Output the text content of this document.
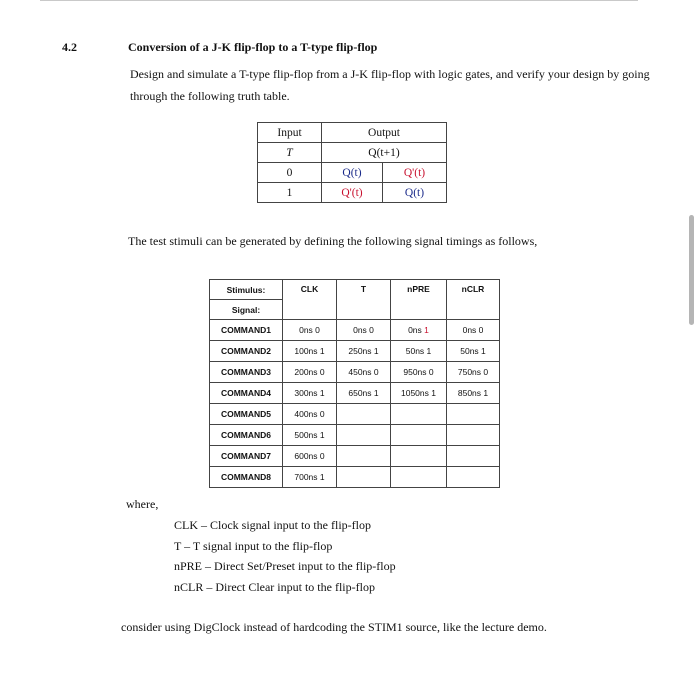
4.2	Conversion of a J-K flip-flop to a T-type flip-flop

Design and simulate a T-type flip-flop from a J-K flip-flop with logic gates, and verify your design by going through the following truth table.

Input	Output	
T	Q(t+1)	
0	Q(t)	Q'(t)
1	Q'(t)	Q(t)
The test stimuli can be generated by defining the following signal timings as follows,
Stimulus:	CLK	T	nPRE	nCLR
Signal:				
COMMAND1	0ns 0	0ns 0	0ns 1	0ns 0
COMMAND2	100ns 1	250ns 1	50ns 1	50ns 1
COMMAND3	200ns 0	450ns 0	950ns 0	750ns 0
COMMAND4	300ns 1	650ns 1	1050ns 1	850ns 1
COMMAND5	400ns 0			
COMMAND6	500ns 1			
COMMAND7	600ns 0			
COMMAND8	700ns 1			
where,
CLK – Clock signal input to the flip-flop
T – T signal input to the flip-flop
nPRE – Direct Set/Preset input to the flip-flop
nCLR – Direct Clear input to the flip-flop
consider using DigClock instead of hardcoding the STIM1 source, like the lecture demo.
